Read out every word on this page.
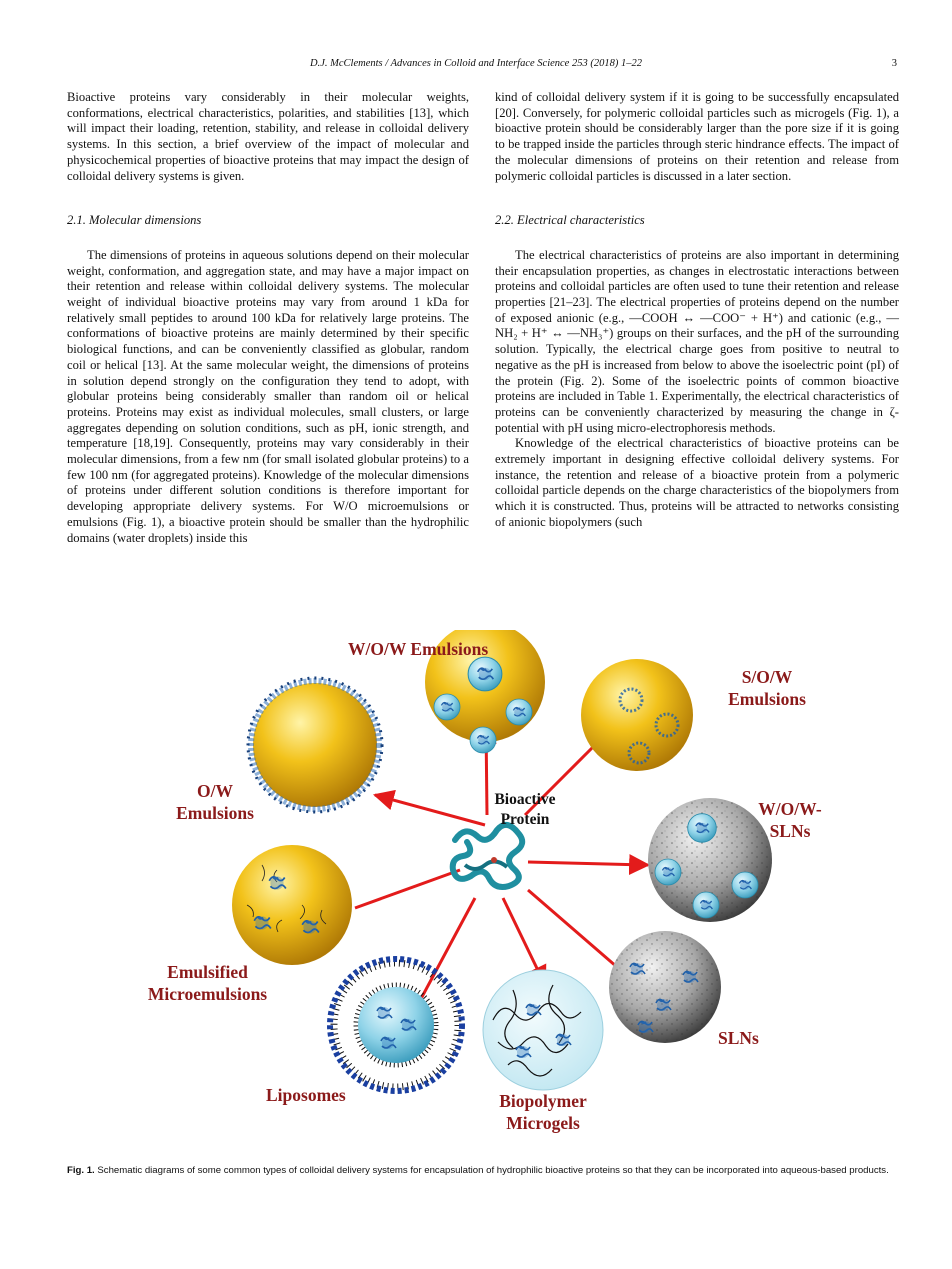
D.J. McClements / Advances in Colloid and Interface Science 253 (2018) 1–22	3

Bioactive proteins vary considerably in their molecular weights, conformations, electrical characteristics, polarities, and stabilities [13], which will impact their loading, retention, stability, and release in colloidal delivery systems. In this section, a brief overview of the impact of molecular and physicochemical properties of bioactive proteins that may impact the design of colloidal delivery systems is given.

2.1. Molecular dimensions

The dimensions of proteins in aqueous solutions depend on their molecular weight, conformation, and aggregation state, and may have a major impact on their retention and release within colloidal delivery systems. The molecular weight of individual bioactive proteins may vary from around 1 kDa for relatively small peptides to around 100 kDa for relatively large proteins. The conformations of bioactive proteins are mainly determined by their specific biological functions, and can be conveniently classified as globular, random coil or helical [13]. At the same molecular weight, the dimensions of proteins in solution depend strongly on the configuration they tend to adopt, with globular proteins being considerably smaller than random oil or helical proteins. Proteins may exist as individual molecules, small clusters, or large aggregates depending on solution conditions, such as pH, ionic strength, and temperature [18,19]. Consequently, proteins may vary considerably in their molecular dimensions, from a few nm (for small isolated globular proteins) to a few 100 nm (for aggregated proteins). Knowledge of the molecular dimensions of proteins under different solution conditions is therefore important for developing appropriate delivery systems. For W/O microemulsions or emulsions (Fig. 1), a bioactive protein should be smaller than the hydrophilic domains (water droplets) inside this

kind of colloidal delivery system if it is going to be successfully encapsulated [20]. Conversely, for polymeric colloidal particles such as microgels (Fig. 1), a bioactive protein should be considerably larger than the pore size if it is going to be trapped inside the particles through steric hindrance effects. The impact of the molecular dimensions of proteins on their retention and release from polymeric colloidal particles is discussed in a later section.

2.2. Electrical characteristics

The electrical characteristics of proteins are also important in determining their encapsulation properties, as changes in electrostatic interactions between proteins and colloidal particles are often used to tune their retention and release properties [21–23]. The electrical properties of proteins depend on the number of exposed anionic (e.g., —COOH ↔ —COO⁻ + H⁺) and cationic (e.g., —NH₂ + H⁺ ↔ —NH₃⁺) groups on their surfaces, and the pH of the surrounding solution. Typically, the electrical charge goes from positive to neutral to negative as the pH is increased from below to above the isoelectric point (pI) of the protein (Fig. 2). Some of the isoelectric points of common bioactive proteins are included in Table 1. Experimentally, the electrical characteristics of proteins can be conveniently characterized by measuring the change in ζ-potential with pH using micro-electrophoresis methods.

Knowledge of the electrical characteristics of bioactive proteins can be extremely important in designing effective colloidal delivery systems. For instance, the retention and release of a bioactive protein from a polymeric colloidal particle depends on the charge characteristics of the biopolymers from which it is constructed. Thus, proteins will be attracted to networks consisting of anionic biopolymers (such

W/O/W Emulsions
S/O/W Emulsions
O/W Emulsions
Bioactive Protein
W/O/W- SLNs
Emulsified Microemulsions
SLNs
Liposomes	Biopolymer Microgels
Fig. 1. Schematic diagrams of some common types of colloidal delivery systems for encapsulation of hydrophilic bioactive proteins so that they can be incorporated into aqueous-based products.
